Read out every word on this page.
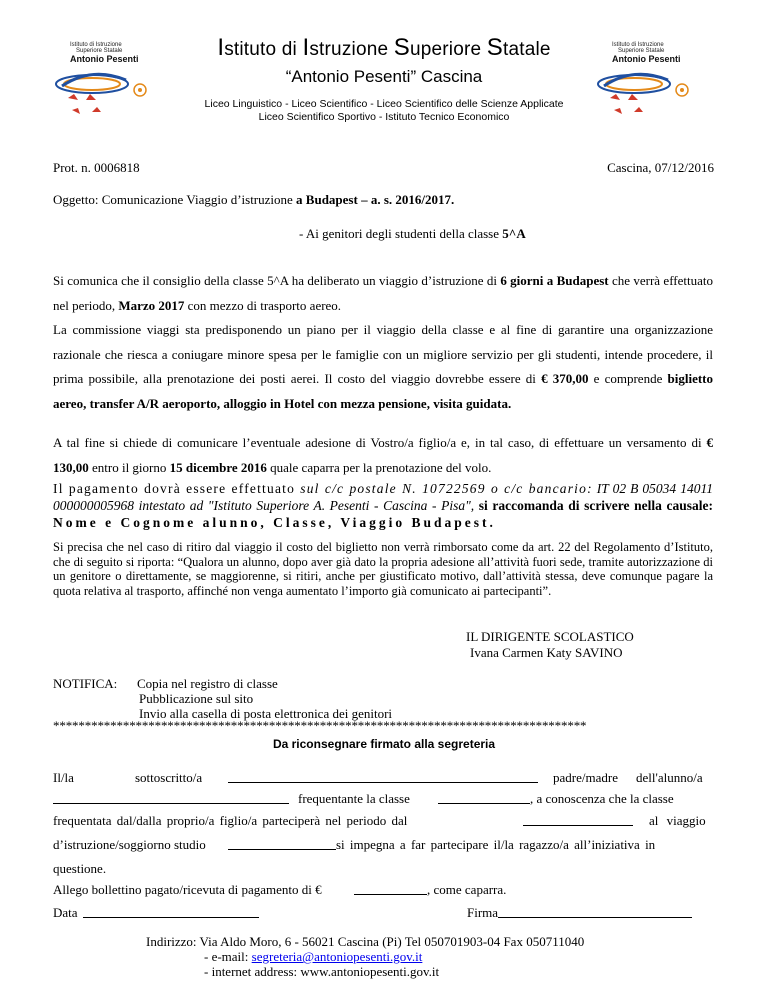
Istituto di Istruzione
Superiore Statale
Antonio Pesenti
Istituto di Istruzione
Superiore Statale
Antonio Pesenti
Istituto di Istruzione Superiore Statale
“Antonio Pesenti” Cascina
Liceo Linguistico - Liceo Scientifico - Liceo Scientifico delle Scienze Applicate
Liceo Scientifico Sportivo - Istituto Tecnico Economico
Prot. n. 0006818	Cascina, 07/12/2016
Oggetto: Comunicazione Viaggio d’istruzione a Budapest – a. s. 2016/2017.
- Ai genitori degli studenti della classe 5^A
Si comunica che il consiglio della classe 5^A ha deliberato un viaggio d’istruzione di 6 giorni a Budapest che verrà effettuato nel periodo, Marzo 2017 con mezzo di trasporto aereo.
La commissione viaggi sta predisponendo un piano per il viaggio della classe e al fine di garantire una organizzazione razionale che riesca a coniugare minore spesa per le famiglie con un migliore servizio per gli studenti, intende procedere, il prima possibile, alla prenotazione dei posti aerei. Il costo del viaggio dovrebbe essere di € 370,00 e comprende biglietto aereo, transfer A/R aeroporto, alloggio in Hotel con mezza pensione, visita guidata.
A tal fine si chiede di comunicare l’eventuale adesione di Vostro/a figlio/a e, in tal caso, di effettuare un versamento di € 130,00 entro il giorno 15 dicembre 2016 quale caparra per la prenotazione del volo.
Il pagamento dovrà essere effettuato sul c/c postale N. 10722569 o c/c bancario: IT 02 B 05034 14011 000000005968 intestato ad "Istituto Superiore A. Pesenti - Cascina - Pisa", si raccomanda di scrivere nella causale: Nome e Cognome alunno, Classe, Viaggio Budapest.
Si precisa che nel caso di ritiro dal viaggio il costo del biglietto non verrà rimborsato come da art. 22 del Regolamento d’Istituto, che di seguito si riporta: “Qualora un alunno, dopo aver già dato la propria adesione all’attività fuori sede, tramite autorizzazione di un genitore o direttamente, se maggiorenne, si ritiri, anche per giustificato motivo, dall’attività stessa, deve comunque pagare la quota relativa al trasporto, affinché non venga aumentato l’importo già comunicato ai partecipanti”.
IL DIRIGENTE SCOLASTICO
Ivana Carmen Katy SAVINO
NOTIFICA: Copia nel registro di classe
Pubblicazione sul sito
Invio alla casella di posta elettronica dei genitori
************************************************************************************
Da riconsegnare firmato alla segreteria
Il/la	sottoscritto/a	padre/madre dell'alunno/a
frequentante la classe	, a conoscenza che la classe
frequentata dal/dalla proprio/a figlio/a parteciperà nel periodo dal	al viaggio
d’istruzione/soggiorno studio	si impegna a far partecipare il/la ragazzo/a all’iniziativa in
questione.
Allego bollettino pagato/ricevuta di pagamento di €	, come caparra.
Data	Firma
Indirizzo: Via Aldo Moro, 6 - 56021 Cascina (Pi) Tel 050701903-04 Fax 050711040
- e-mail: segreteria@antoniopesenti.gov.it
- internet address: www.antoniopesenti.gov.it
